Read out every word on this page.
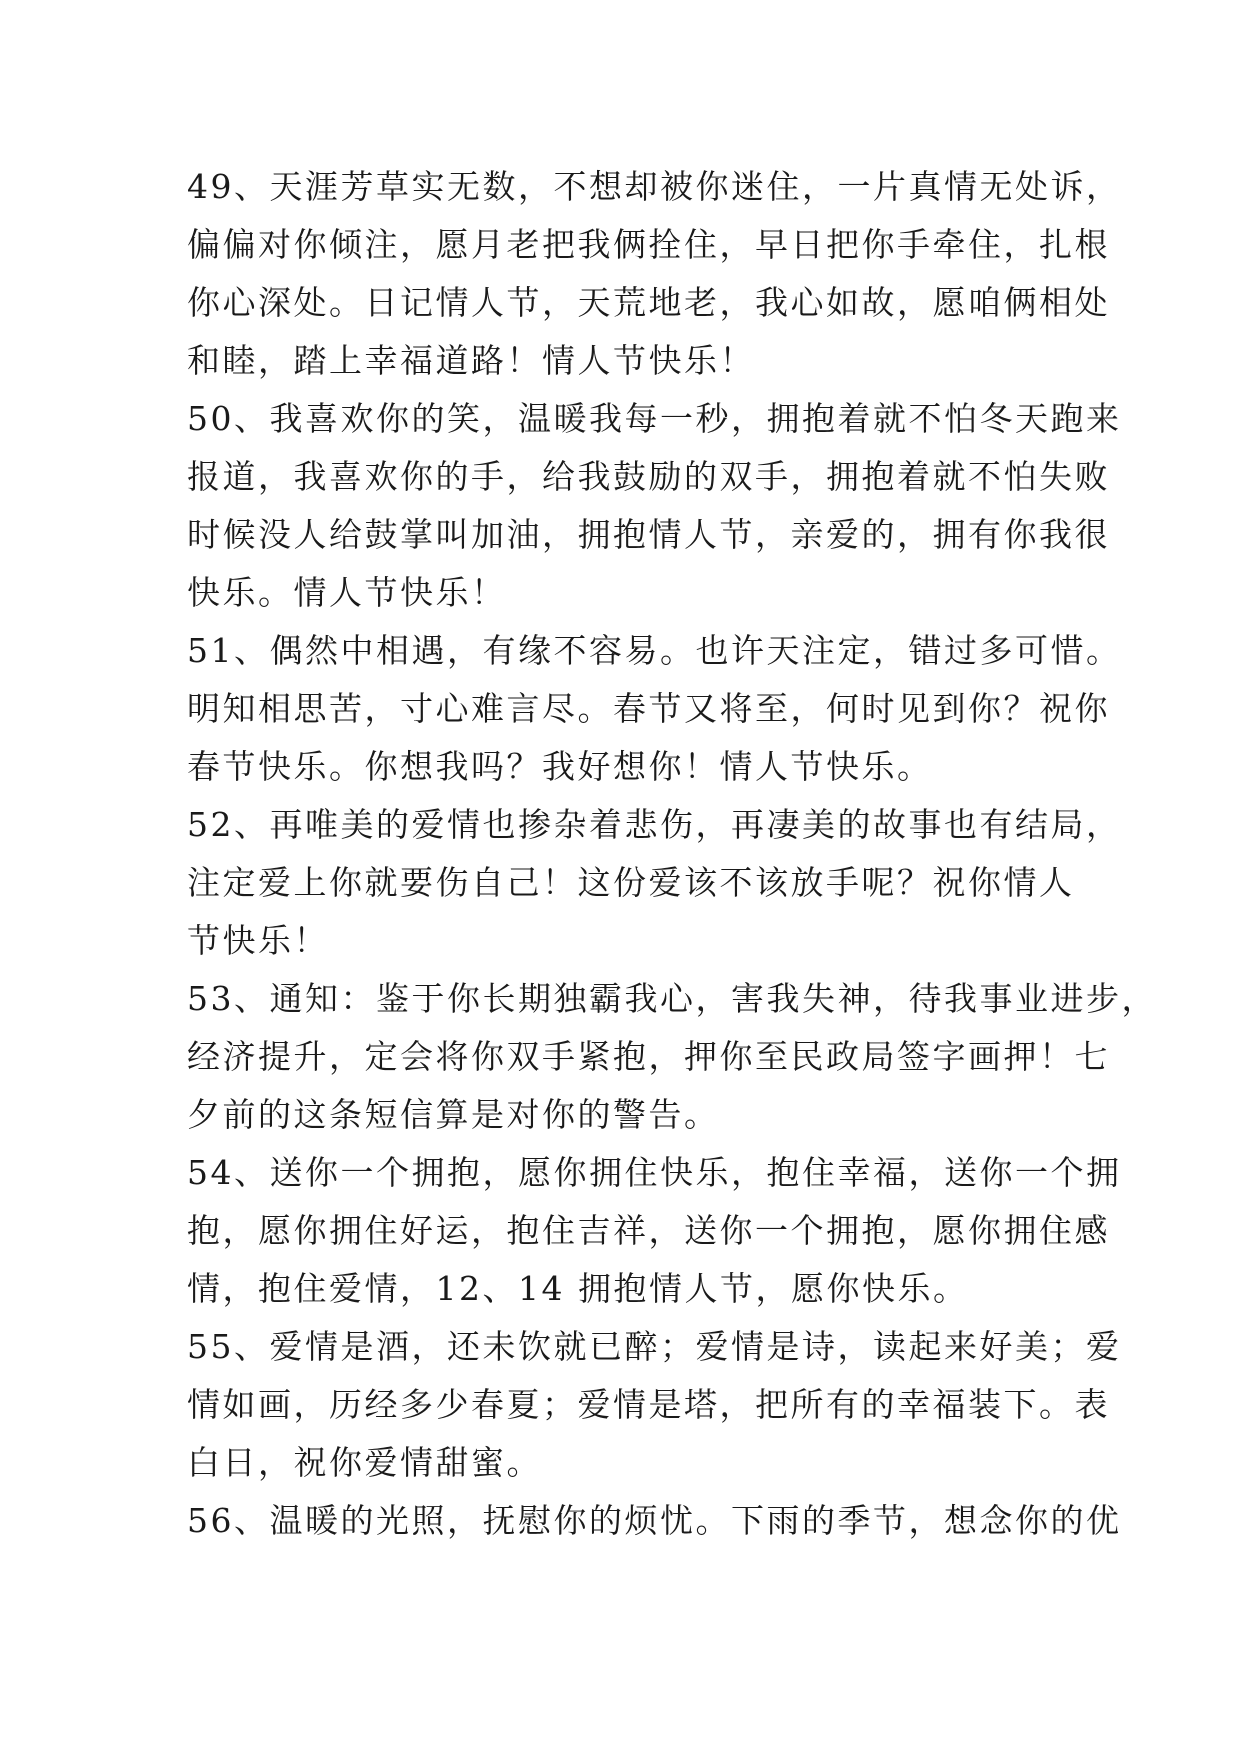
49、天涯芳草实无数，不想却被你迷住，一片真情无处诉，
偏偏对你倾注，愿月老把我俩拴住，早日把你手牵住，扎根
你心深处。日记情人节，天荒地老，我心如故，愿咱俩相处
和睦，踏上幸福道路！情人节快乐！
50、我喜欢你的笑，温暖我每一秒，拥抱着就不怕冬天跑来
报道，我喜欢你的手，给我鼓励的双手，拥抱着就不怕失败
时候没人给鼓掌叫加油，拥抱情人节，亲爱的，拥有你我很
快乐。情人节快乐！
51、偶然中相遇，有缘不容易。也许天注定，错过多可惜。
明知相思苦，寸心难言尽。春节又将至，何时见到你？祝你
春节快乐。你想我吗？我好想你！情人节快乐。
52、再唯美的爱情也掺杂着悲伤，再凄美的故事也有结局，
注定爱上你就要伤自己！这份爱该不该放手呢？祝你情人
节快乐！
53、通知：鉴于你长期独霸我心，害我失神，待我事业进步，
经济提升，定会将你双手紧抱，押你至民政局签字画押！七
夕前的这条短信算是对你的警告。
54、送你一个拥抱，愿你拥住快乐，抱住幸福，送你一个拥
抱，愿你拥住好运，抱住吉祥，送你一个拥抱，愿你拥住感
情，抱住爱情，12、14 拥抱情人节，愿你快乐。
55、爱情是酒，还未饮就已醉；爱情是诗，读起来好美；爱
情如画，历经多少春夏；爱情是塔，把所有的幸福装下。表
白日，祝你爱情甜蜜。
56、温暖的光照，抚慰你的烦忧。下雨的季节，想念你的优
